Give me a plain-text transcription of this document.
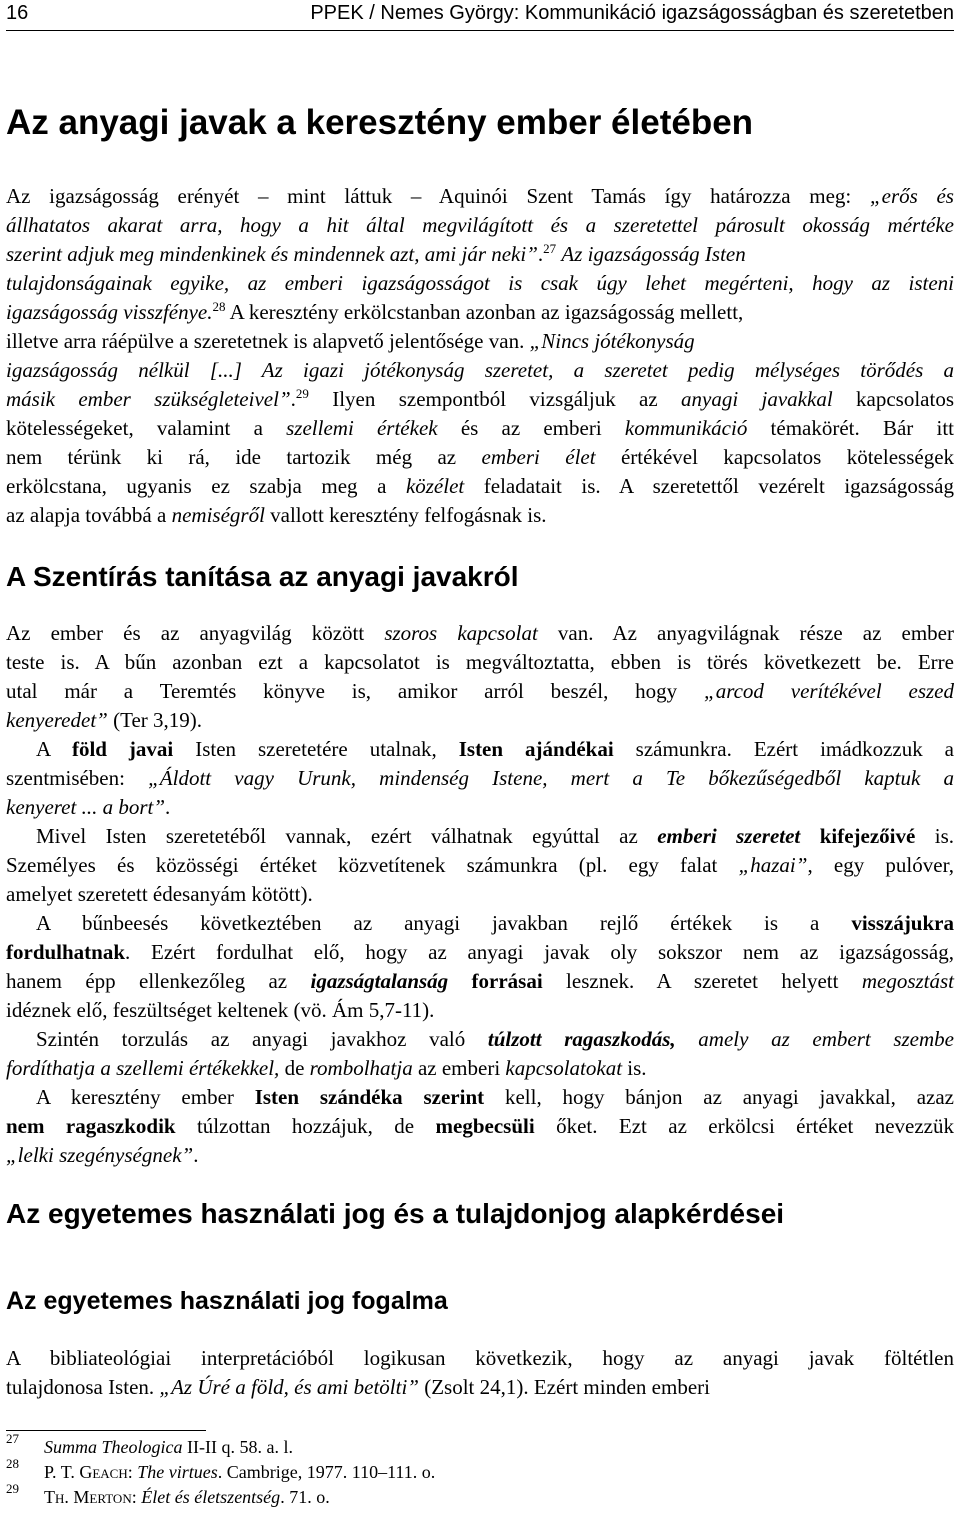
16	PPEK / Nemes György: Kommunikáció igazságosságban és szeretetben
Az anyagi javak a keresztény ember életében
Az igazságosság erényét – mint láttuk – Aquinói Szent Tamás így határozza meg: „erős és
állhatatos akarat arra, hogy a hit által megvilágított és a szeretettel párosult okosság mértéke
szerint adjuk meg mindenkinek és mindennek azt, ami jár neki”.$^{27}$ Az igazságosság Isten
tulajdonságainak egyike, az emberi igazságosságot is csak úgy lehet megérteni, hogy az isteni
igazságosság visszfénye.$^{28}$ A keresztény erkölcstanban azonban az igazságosság mellett,
illetve arra ráépülve a szeretetnek is alapvető jelentősége van. „Nincs jótékonyság
igazságosság nélkül [...] Az igazi jótékonyság szeretet, a szeretet pedig mélységes törődés a
másik ember szükségleteivel”.$^{29}$ Ilyen szempontból vizsgáljuk az anyagi javakkal kapcsolatos
kötelességeket, valamint a szellemi értékek és az emberi kommunikáció témakörét. Bár itt
nem térünk ki rá, ide tartozik még az emberi élet értékével kapcsolatos kötelességek
erkölcstana, ugyanis ez szabja meg a közélet feladatait is. A szeretettől vezérelt igazságosság
az alapja továbbá a nemiségről vallott keresztény felfogásnak is.
A Szentírás tanítása az anyagi javakról
Az ember és az anyagvilág között szoros kapcsolat van. Az anyagvilágnak része az ember
teste is. A bűn azonban ezt a kapcsolatot is megváltoztatta, ebben is törés következett be. Erre
utal már a Teremtés könyve is, amikor arról beszél, hogy „arcod verítékével eszed
kenyeredet” (Ter 3,19).
A föld javai Isten szeretetére utalnak, Isten ajándékai számunkra. Ezért imádkozzuk a
szentmisében: „Áldott vagy Urunk, mindenség Istene, mert a Te bőkezűségedből kaptuk a
kenyeret ... a bort”.
Mivel Isten szeretetéből vannak, ezért válhatnak egyúttal az emberi szeretet kifejezőivé is.
Személyes és közösségi értéket közvetítenek számunkra (pl. egy falat „hazai”, egy pulóver,
amelyet szeretett édesanyám kötött).
A bűnbeesés következtében az anyagi javakban rejlő értékek is a visszájukra
fordulhatnak. Ezért fordulhat elő, hogy az anyagi javak oly sokszor nem az igazságosság,
hanem épp ellenkezőleg az igazságtalanság forrásai lesznek. A szeretet helyett megosztást
idéznek elő, feszültséget keltenek (vö. Ám 5,7-11).
Szintén torzulás az anyagi javakhoz való túlzott ragaszkodás, amely az embert szembe
fordíthatja a szellemi értékekkel, de rombolhatja az emberi kapcsolatokat is.
A keresztény ember Isten szándéka szerint kell, hogy bánjon az anyagi javakkal, azaz
nem ragaszkodik túlzottan hozzájuk, de megbecsüli őket. Ezt az erkölcsi értéket nevezzük
„lelki szegénységnek”.
Az egyetemes használati jog és a tulajdonjog alapkérdései
Az egyetemes használati jog fogalma
A bibliateológiai interpretációból logikusan következik, hogy az anyagi javak föltétlen
tulajdonosa Isten. „Az Úré a föld, és ami betölti” (Zsolt 24,1). Ezért minden emberi
27 Summa Theologica II-II q. 58. a. l.
28 P. T. Geach: The virtues. Cambrige, 1977. 110–111. o.
29 Th. Merton: Élet és életszentség. 71. o.
